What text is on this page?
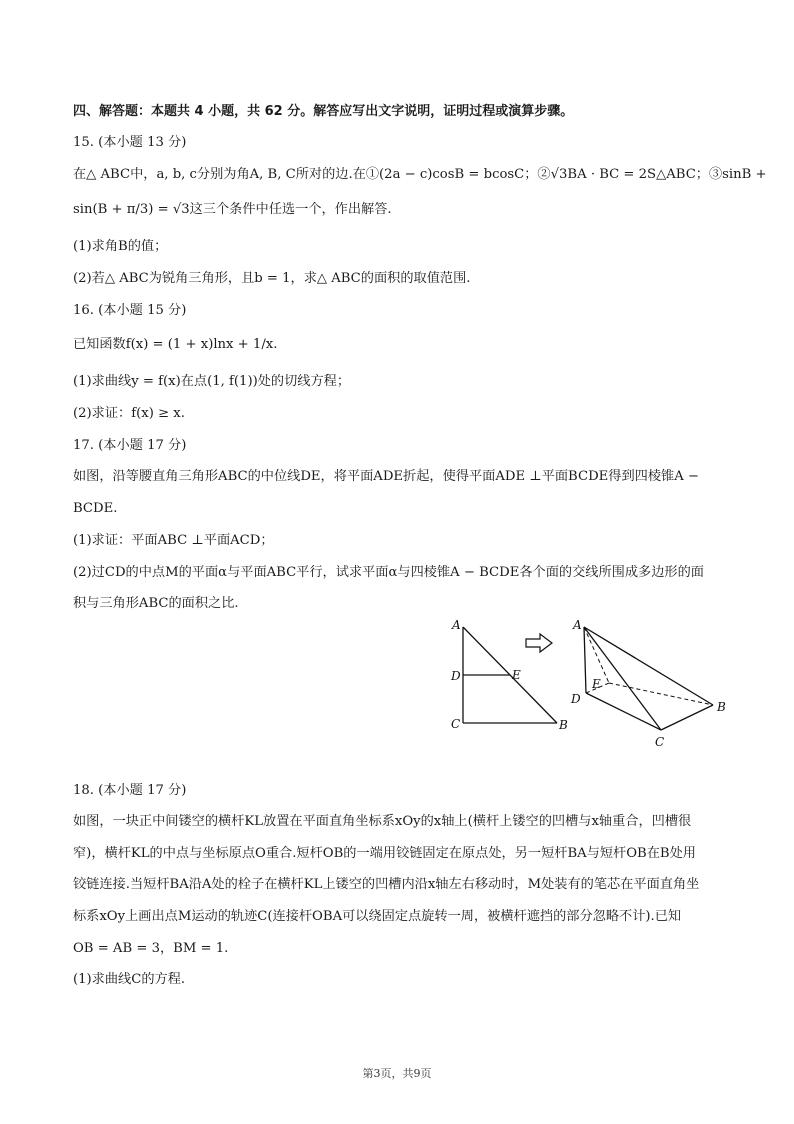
四、解答题：本题共 4 小题，共 62 分。解答应写出文字说明，证明过程或演算步骤。
15. (本小题 13 分)
在△ ABC中，a, b, c分别为角A, B, C所对的边.在①(2a − c)cosB = bcosC；②√3BA · BC = 2S△ABC；③sinB +
sin(B + π/3) = √3这三个条件中任选一个，作出解答.
(1)求角B的值；
(2)若△ ABC为锐角三角形，且b = 1，求△ ABC的面积的取值范围.
16. (本小题 15 分)
已知函数f(x) = (1 + x)lnx + 1/x.
(1)求曲线y = f(x)在点(1, f(1))处的切线方程；
(2)求证：f(x) ≥ x.
17. (本小题 17 分)
如图，沿等腰直角三角形ABC的中位线DE，将平面ADE折起，使得平面ADE ⊥平面BCDE得到四棱锥A −
BCDE.
(1)求证：平面ABC ⊥平面ACD；
(2)过CD的中点M的平面α与平面ABC平行，试求平面α与四棱锥A − BCDE各个面的交线所围成多边形的面
积与三角形ABC的面积之比.
A
D	E
C	B
A
E
D
B
C
18. (本小题 17 分)
如图，一块正中间镂空的横杆KL放置在平面直角坐标系xOy的x轴上(横杆上镂空的凹槽与x轴重合，凹槽很
窄)，横杆KL的中点与坐标原点O重合.短杆OB的一端用铰链固定在原点处，另一短杆BA与短杆OB在B处用
铰链连接.当短杆BA沿A处的栓子在横杆KL上镂空的凹槽内沿x轴左右移动时，M处装有的笔芯在平面直角坐
标系xOy上画出点M运动的轨迹C(连接杆OBA可以绕固定点旋转一周，被横杆遮挡的部分忽略不计).已知
OB = AB = 3，BM = 1.
(1)求曲线C的方程.
第3页，共9页
